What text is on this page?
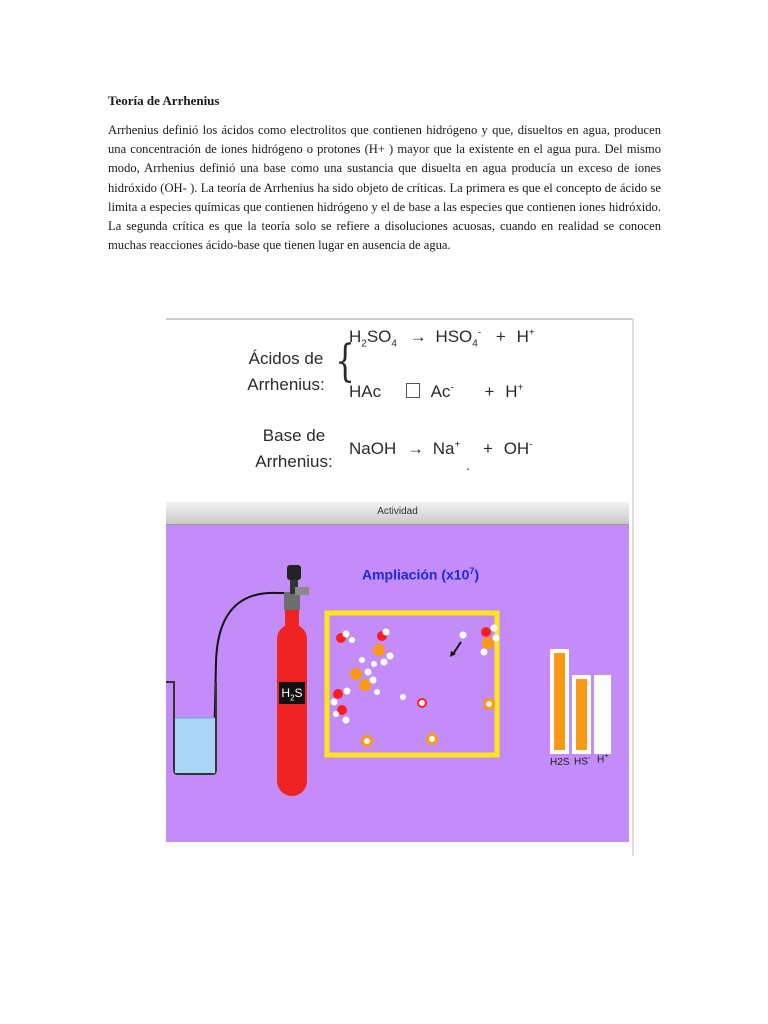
Teoría de Arrhenius

Arrhenius definió los ácidos como electrolitos que contienen hidrógeno y que, disueltos en agua, producen una concentración de iones hidrógeno o protones (H+ ) mayor que la existente en el agua pura. Del mismo modo, Arrhenius definió una base como una sustancia que disuelta en agua producía un exceso de iones hidróxido (OH- ). La teoría de Arrhenius ha sido objeto de críticas. La primera es que el concepto de ácido se limita a especies químicas que contienen hidrógeno y el de base a las especies que contienen iones hidróxido. La segunda crítica es que la teoría solo se refiere a disoluciones acuosas, cuando en realidad se conocen muchas reacciones ácido-base que tienen lugar en ausencia de agua.

Ácidos de
Arrhenius: {
$H_2SO_4 \to HSO_4^- + H^+$
HAc	Ac- + H+
Base de
Arrhenius:
NaOH → Na+ + OH-
.
Actividad
Ampliación $(x10^7)$
$H_2S$
H2S HS- H+
